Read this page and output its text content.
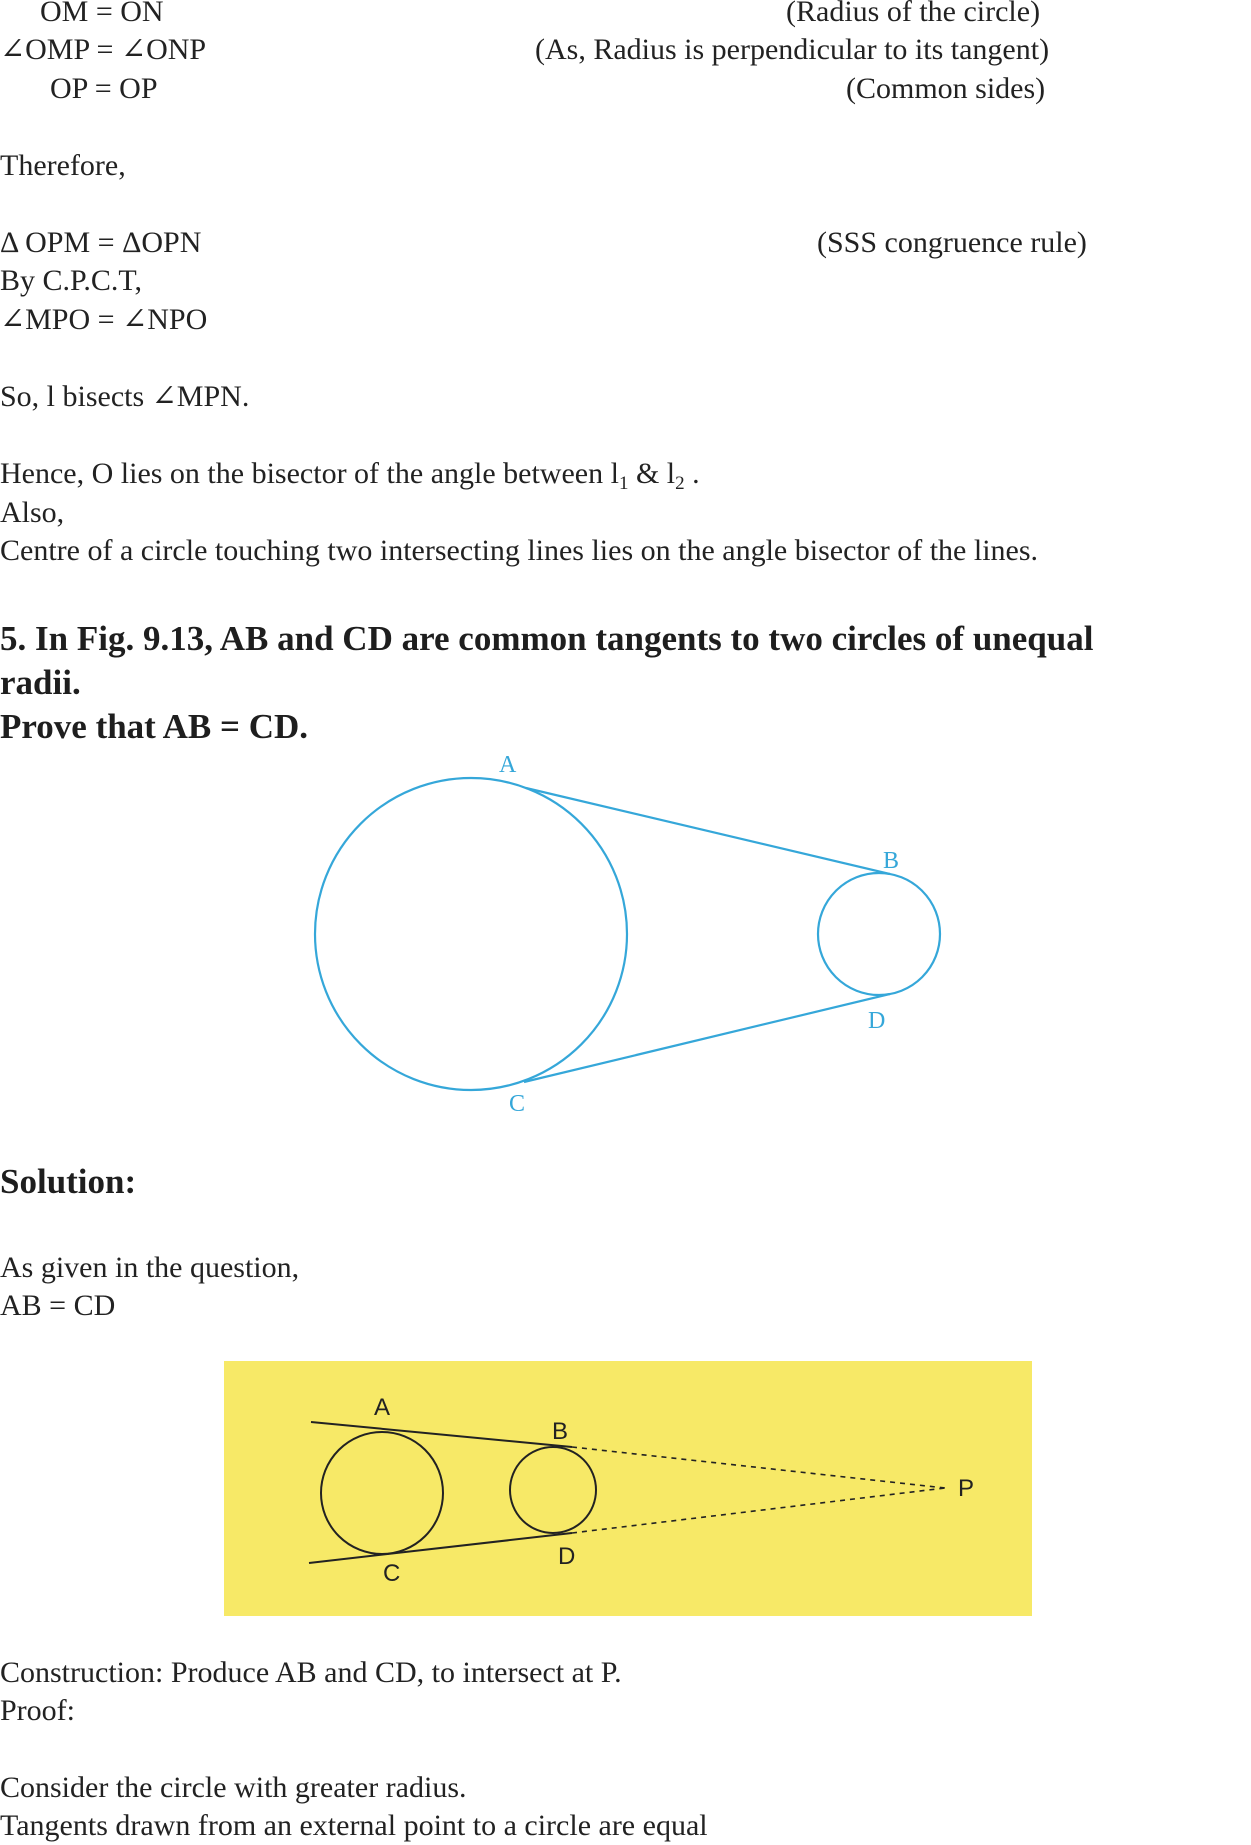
OM = ON	(Radius of the circle)
∠OMP = ∠ONP	(As, Radius is perpendicular to its tangent)
OP = OP	(Common sides)
Therefore,
Δ OPM = ΔOPN	(SSS congruence rule)
By C.P.C.T,
∠MPO = ∠NPO
So, l bisects ∠MPN.
Hence, O lies on the bisector of the angle between $l_1$ & $l_2$ .
Also,
Centre of a circle touching two intersecting lines lies on the angle bisector of the lines.
5. In Fig. 9.13, AB and CD are common tangents to two circles of unequal
radii.
Prove that AB = CD.
A
B
C
D
Solution:
As given in the question,
AB = CD
A
B
C
D
P
Construction: Produce AB and CD, to intersect at P.
Proof:
Consider the circle with greater radius.
Tangents drawn from an external point to a circle are equal
